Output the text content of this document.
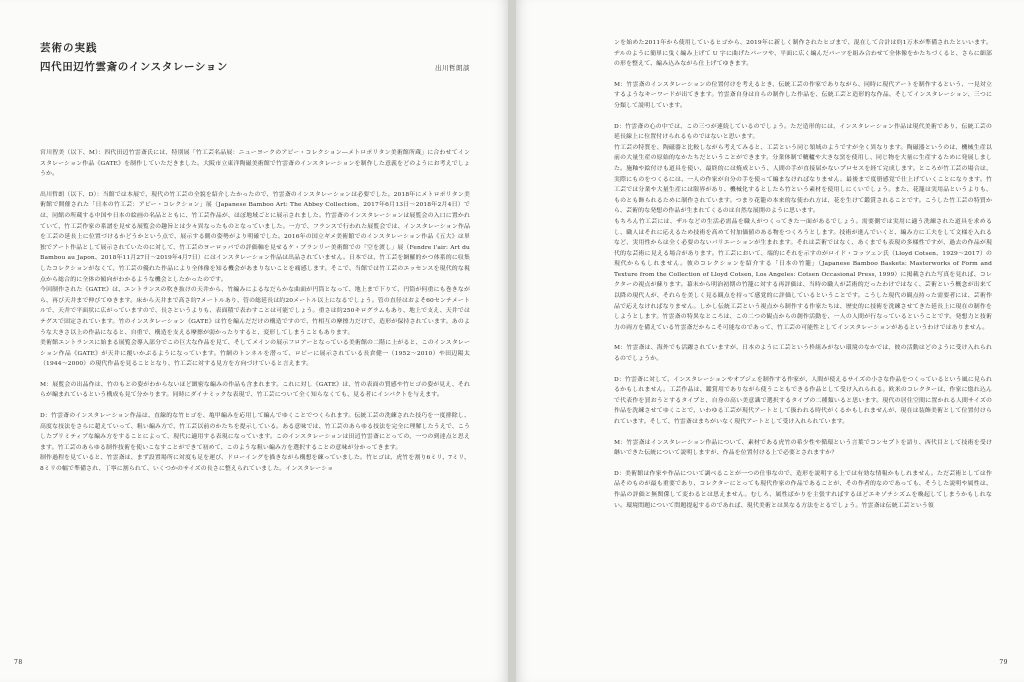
芸術の実践
四代田辺竹雲斎のインスタレーション	出川哲朗談

宮川智美（以下、M）：四代田辺竹雲斎氏には、特別展「竹工芸名品展：ニューヨークのアビー・コレクション―メトロポリタン美術館所蔵」に合わせてインスタレーション作品《GATE》を制作していただきました。大阪市立東洋陶磁美術館で竹雲斎のインスタレーションを制作した意義をどのようにお考えでしょうか。

出川哲朗（以下、D）：当館では本展で、現代の竹工芸の全貌を紹介したかったので、竹雲斎のインスタレーションは必要でした。2018年にメトロポリタン美術館で開催された「日本の竹工芸：アビー・コレクション」展（Japanese Bamboo Art: The Abbey Collection、2017年6月13日〜2018年2月4日）では、同館の所蔵する中国や日本の絵画の名品とともに、竹工芸作品が、ほぼ地域ごとに展示されました。竹雲斎のインスタレーションは展覧会の入口に置かれていて、竹工芸作家の系譜を見せる展覧会の趣旨とは少々異なったものとなっていました。一方で、フランスで行われた展覧会では、インスタレーション作品を工芸の延長上に位置づけるかどうかという点で、展示する側の姿勢がより明確でした。2016年の国立ギメ美術館でのインスタレーション作品《五大》は単独でアート作品として展示されていたのに対して、竹工芸のヨーロッパでの評価軸を見せるケ・ブランリー美術館での「空を渡し」展（Fendre l'air: Art du Bambou au Japon、2018年11月27日〜2019年4月7日）にはインスタレーション作品は出品されていません。日本では、竹工芸を網羅的かつ体系的に収集したコレクションがなくて、竹工芸の優れた作品により全体像を知る機会があまりないことを痛感します。そこで、当館では竹工芸のエッセンスを現代的な視点から総合的に全体の傾向がわかるような機会としたかったのです。

今回制作された《GATE》は、エントランスの吹き抜けの天井から、竹編みによるなだらかな曲面が円筒となって、地上まで下りて、円筒が何重にも巻きながら、再び天井まで伸びてゆきます。床から天井まで高さ約7メートルあり、管の総延長は約20メートル以上になるでしょう。管の直径はおよそ60センチメートルで、天井で平面状に広がっていますので、長さというよりも、表面積で表わすことは可能でしょう。重さは約250キログラムもあり、地上で支え、天井ではテグスで固定されています。竹のインスタレーション《GATE》は竹を編んだだけの構造ですので、竹相互の摩擦力だけで、造形が保持されています。あのような大きさ以上の作品になると、自重で、構造を支える摩擦が弱かったりすると、変形してしまうこともあります。

美術館エントランスに始まる展覧会導入部分でこの巨大な作品を見て、そしてメインの展示フロアーとなっている美術館の二階に上がると、このインスタレーション作品《GATE》が天井に覆いかぶるようになっています。竹網のトンネルを潜って、ロビーに展示されている長倉健一（1952〜2010）や田辺陽太（1944〜2000）の現代作品を見ることとなり、竹工芸に対する見方を方向づけていると言えます。

M：展覧会の出品作は、竹のもとの姿がわからないほど緻密な編みの作品も含まれます。これに対し《GATE》は、竹の表面の質感や竹ヒゴの姿が見え、それらが編まれているという構成も見て分かります。同時にダイナミックな表現で、竹工芸について全く知らなくても、見る者にインパクトを与えます。

D：竹雲斎のインスタレーション作品は、直線的な竹ヒゴを、亀甲編みを応用して編んでゆくことでつくられます。伝統工芸の洗練された技巧を一度排除し、高度な技法をさらに超えていって、粗い編み方で、竹工芸以前のかたちを提示している。ある意味では、竹工芸のあらゆる技法を完全に理解したうえで、こうしたプリミティブな編み方をすることによって、現代に適用する表現になっています。このインスタレーションは田辺竹雲斎にとっての、一つの到達点と思えます。竹工芸のあらゆる制作技術を使いこなすことができて初めて、このような粗い編み方を選択することの意味が分かってきます。

制作過程を見ていると、竹雲斎は、まず設置場所に対度も足を運び、ドローイングを描きながら構想を練っていました。竹ヒゴは、虎竹を割り6ミリ、7ミリ、8ミリの幅で準備され、丁寧に割られて、いくつかのサイズの長さに整えられていました。インスタレーショ

78

ンを始めた2011年から使用しているヒゴから、2019年に新しく制作されたヒゴまで、混在して合計は約1万本が準備されたといいます。ヂルのように簡単に曳く編み上げて U 字に曲げたパーツや、平面に広く編んだパーツを組み合わせて全体像をかたちづくると、さらに細部の形を整えて、編み込みながら仕上げてゆきます。

M：竹雲斎のインスタレーションの位置付けを考えるとき、伝統工芸の作家でありながら、同時に現代アートを制作するという、一見対立するようなキーワードが出てきます。竹雲斎自身は自らの制作した作品を、伝統工芸と造形的な作品、そしてインスタレーション、三つに分類して説明しています。

D：竹雲斎の心の中では、この三つが連続しているのでしょう。ただ造形的には、インスタレーション作品は現代美術であり、伝統工芸の延長線上に位置付けられるものではないと思います。

竹工芸の特質を、陶磁器と比較しながら考えてみると、工芸という同じ領域のようですが全く異なります。陶磁器というのは、機械生産以前の大量生産の原始的なかたちだということができます。分業体制で轆轤や大きな窯を使用し、同じ物を大量に生産するために発展しました。施釉や絵付けも道具を使い、最終的には焼成という、人間の手が直接届かないプロセスを経て完成します。ところが竹工芸の場合は、実際にものをつくるには、一人の作家が自分の手を使って編まなければなりません。最後まで度册感覚で仕上げていくことになります。竹工芸では分業や大量生産には限界があり、機械化するとしたら竹という素材を使用しにくいでしょう。また、花籠は実用品というよりも、ものとも飾られるために制作されています。つまり花籠の本来的な使われ方は、花を生けて鑑賞されることです。こうした竹工芸の特質から、芸術的な発想の作品が生まれてくるのは自然な展開のように思います。

もちろん竹工芸には、ザルなどの生活必需品を職人がつくってきた一面があるでしょう。需要側では実用に適う洗練された道具を求めるし、職人はそれに応えるため技術を高めて付加価値のある物をつくろうとします。技術が進んでいくと、編み方に工夫をして文様を入れるなど、実用性からは全く必要のないバリエーションが生まれます。それは芸術ではなく、あくまでも表現の多様性ですが、過去の作品が現代的な芸術に見える場合があります。竹工芸において、端的にそれを示すのがロイド・コッツェン氏（Lloyd Cotsen、1929〜2017）の現代からもしれません。彼のコレクションを紹介する「日本の竹籠」（Japanese Bamboo Baskets: Masterworks of Form and Texture from the Collection of Lloyd Cotsen, Los Angeles: Cotsen Occasional Press, 1999）に掲載された写真を見れば、コレクターの視点が蘇ります。幕末から明治初期の竹籠に対する再評価は、当時の職人が芸術的だったわけではなく、芸術という概念が出来て以降の現代人が、それらを美しく見る観点を持って感覚的に評価しているということです。こうした現代の観点持った需要者には、芸術作品で応えなければなりません。しかし伝統工芸という視点から制作する作家たちは、歴史的に技術を洗練させてきた延長上に現在の制作をしようとします。竹雲斎の特異なところは、この二つの観点からの創作活動を、一人の人間が行なっているということです。発想力と技術力の両方を備えている竹雲斎だからこそ可能なのであって、竹工芸の可能性としてインスタレーションがあるというわけではありません。

M：竹雲斎は、海外でも活躍されていますが、日本のように工芸という枠組みがない環境のなかでは、彼の活動はどのように受け入れられるのでしょうか。

D：竹雲斎に対して、インスタレーションやオブジェを制作する作家が、人間が使えるサイズの小さな作品をつくっているという風に見られるかもしれません。工芸作品は、鑑賞用でありながら使うこともできる作品として受け入れられる。欧米のコレクターは、作家に惚れ込んで代表作を買おうとするタイプと、自身の高い美意識で選択するタイプの二種類いると思います。現代の居住空間に置かれる人間サイズの作品を洗練させてゆくことで、いわゆる工芸が現代アートとして扱われる時代がくるかもしれませんが、現在は装飾美術として位置付けられています。そして、竹雲斎はまちがいなく現代アートとして受け入れられています。

M：竹雲斎はインスタレーション作品について、素材である虎竹の希少性や循環という言葉でコンセプトを語り、西代目として技術を受け継いできた伝統について説明しますが、作品を位置付ける上で必要とされますか？

D：美術館は作家や作品について調べることが一つの仕事なので、造形を説明する上では有効な情報かもしれません。ただ芸術としては作品そのものが最も重要であり、コレクターにとっても現代作家の作品であることが、その作者的なのであっても、そうした説明や属性は、作品の評価と無関係して変わるとは思えません。むしろ、属性ばかりを主張すればするほどエキゾチシズムを喚起してしまうかもしれない。環境問題について問題提起するのであれば、現代美術とは異なる方法をとるでしょう。竹雲斎は伝統工芸という領

79
